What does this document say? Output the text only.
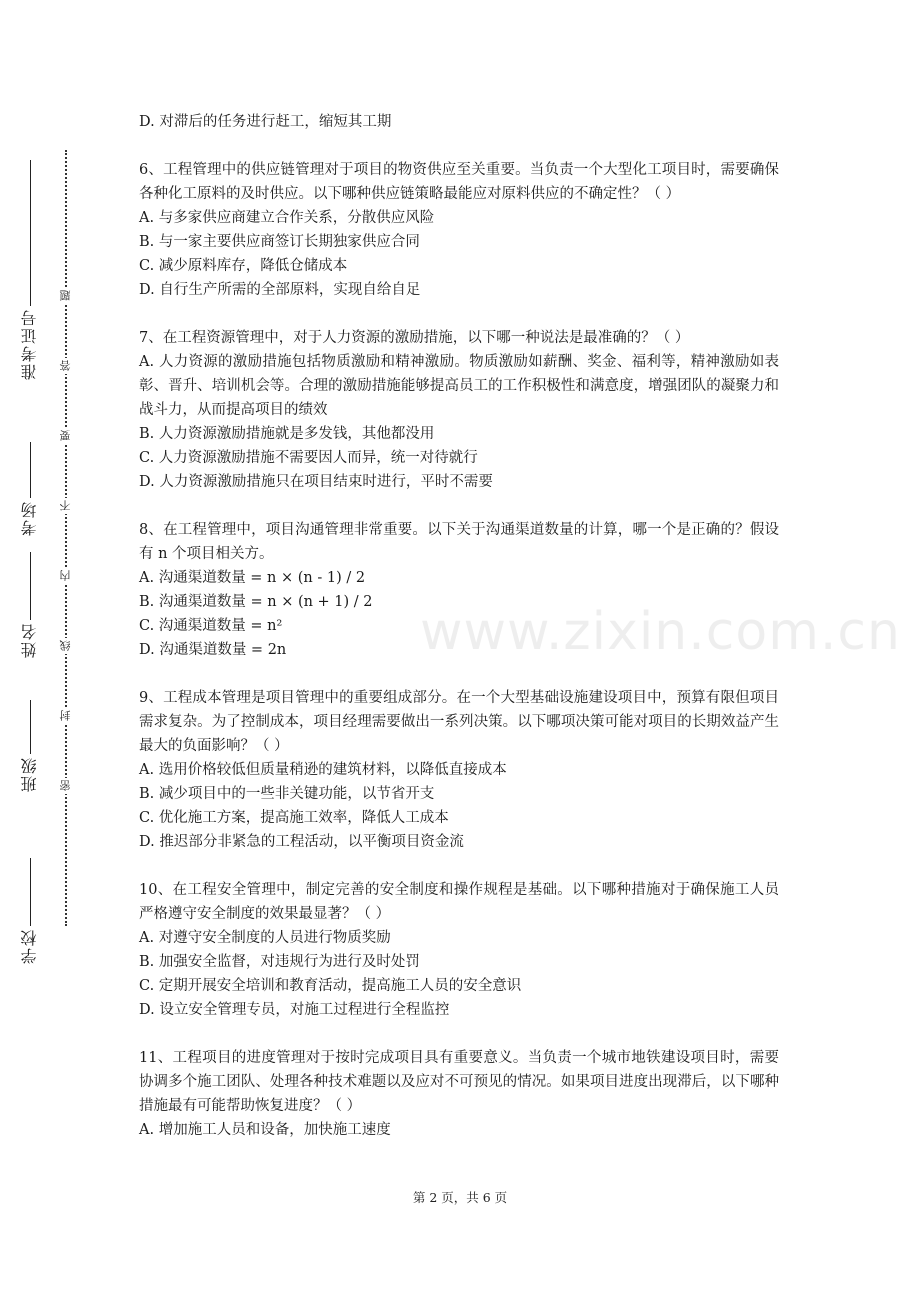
准考证号
考场
姓名
班级
学校
题
答
要
不
内
线
封
密
www.zixin.com.cn

D. 对滞后的任务进行赶工，缩短其工期

6、工程管理中的供应链管理对于项目的物资供应至关重要。当负责一个大型化工项目时，需要确保各种化工原料的及时供应。以下哪种供应链策略最能应对原料供应的不确定性？（ ）

A. 与多家供应商建立合作关系，分散供应风险

B. 与一家主要供应商签订长期独家供应合同

C. 减少原料库存，降低仓储成本

D. 自行生产所需的全部原料，实现自给自足

7、在工程资源管理中，对于人力资源的激励措施，以下哪一种说法是最准确的？（ ）

A. 人力资源的激励措施包括物质激励和精神激励。物质激励如薪酬、奖金、福利等，精神激励如表彰、晋升、培训机会等。合理的激励措施能够提高员工的工作积极性和满意度，增强团队的凝聚力和战斗力，从而提高项目的绩效

B. 人力资源激励措施就是多发钱，其他都没用

C. 人力资源激励措施不需要因人而异，统一对待就行

D. 人力资源激励措施只在项目结束时进行，平时不需要

8、在工程管理中，项目沟通管理非常重要。以下关于沟通渠道数量的计算，哪一个是正确的？假设有 n 个项目相关方。

A. 沟通渠道数量 = n × (n - 1) / 2

B. 沟通渠道数量 = n × (n + 1) / 2

C. 沟通渠道数量 = n²

D. 沟通渠道数量 = 2n

9、工程成本管理是项目管理中的重要组成部分。在一个大型基础设施建设项目中，预算有限但项目需求复杂。为了控制成本，项目经理需要做出一系列决策。以下哪项决策可能对项目的长期效益产生最大的负面影响？（ ）

A. 选用价格较低但质量稍逊的建筑材料，以降低直接成本

B. 减少项目中的一些非关键功能，以节省开支

C. 优化施工方案，提高施工效率，降低人工成本

D. 推迟部分非紧急的工程活动，以平衡项目资金流

10、在工程安全管理中，制定完善的安全制度和操作规程是基础。以下哪种措施对于确保施工人员严格遵守安全制度的效果最显著？（ ）

A. 对遵守安全制度的人员进行物质奖励

B. 加强安全监督，对违规行为进行及时处罚

C. 定期开展安全培训和教育活动，提高施工人员的安全意识

D. 设立安全管理专员，对施工过程进行全程监控

11、工程项目的进度管理对于按时完成项目具有重要意义。当负责一个城市地铁建设项目时，需要协调多个施工团队、处理各种技术难题以及应对不可预见的情况。如果项目进度出现滞后，以下哪种措施最有可能帮助恢复进度？（ ）

A. 增加施工人员和设备，加快施工速度

第 2 页，共 6 页
